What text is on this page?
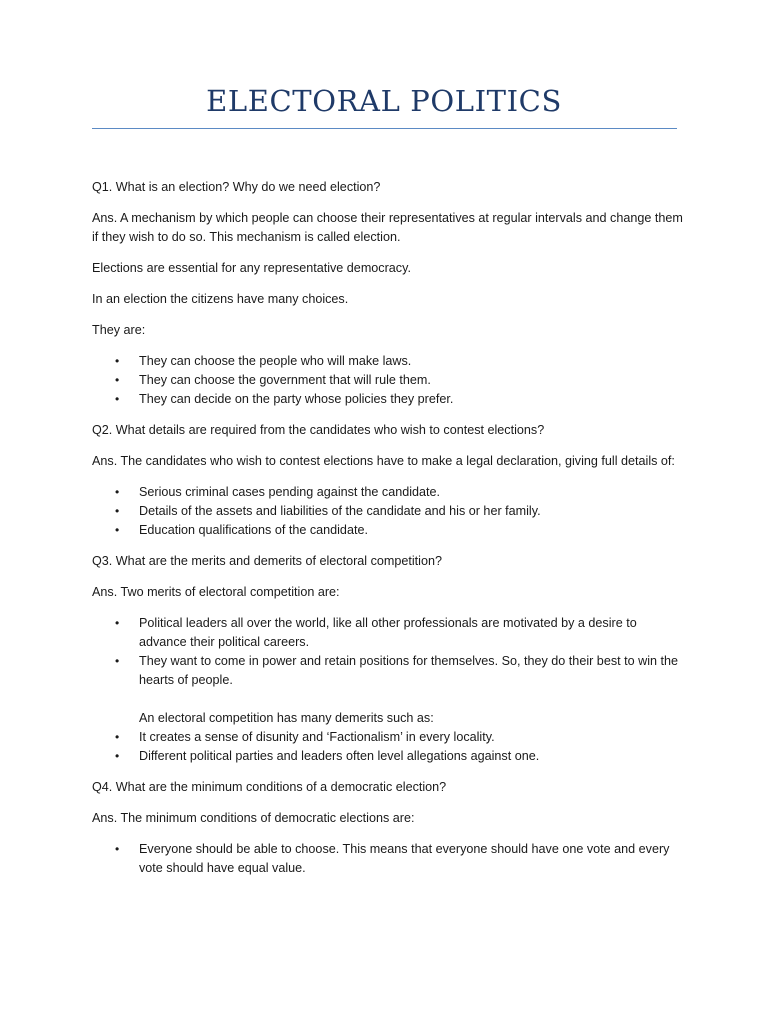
ELECTORAL POLITICS

Q1. What is an election? Why do we need election?

Ans. A mechanism by which people can choose their representatives at regular intervals and change them if they wish to do so. This mechanism is called election.

Elections are essential for any representative democracy.

In an election the citizens have many choices.

They are:

• They can choose the people who will make laws.
• They can choose the government that will rule them.
• They can decide on the party whose policies they prefer.

Q2. What details are required from the candidates who wish to contest elections?

Ans. The candidates who wish to contest elections have to make a legal declaration, giving full details of:

• Serious criminal cases pending against the candidate.
• Details of the assets and liabilities of the candidate and his or her family.
• Education qualifications of the candidate.

Q3. What are the merits and demerits of electoral competition?

Ans. Two merits of electoral competition are:

• Political leaders all over the world, like all other professionals are motivated by a desire to advance their political careers.
• They want to come in power and retain positions for themselves. So, they do their best to win the hearts of people.
An electoral competition has many demerits such as:
• It creates a sense of disunity and ‘Factionalism’ in every locality.
• Different political parties and leaders often level allegations against one.

Q4. What are the minimum conditions of a democratic election?

Ans. The minimum conditions of democratic elections are:

• Everyone should be able to choose. This means that everyone should have one vote and every vote should have equal value.
